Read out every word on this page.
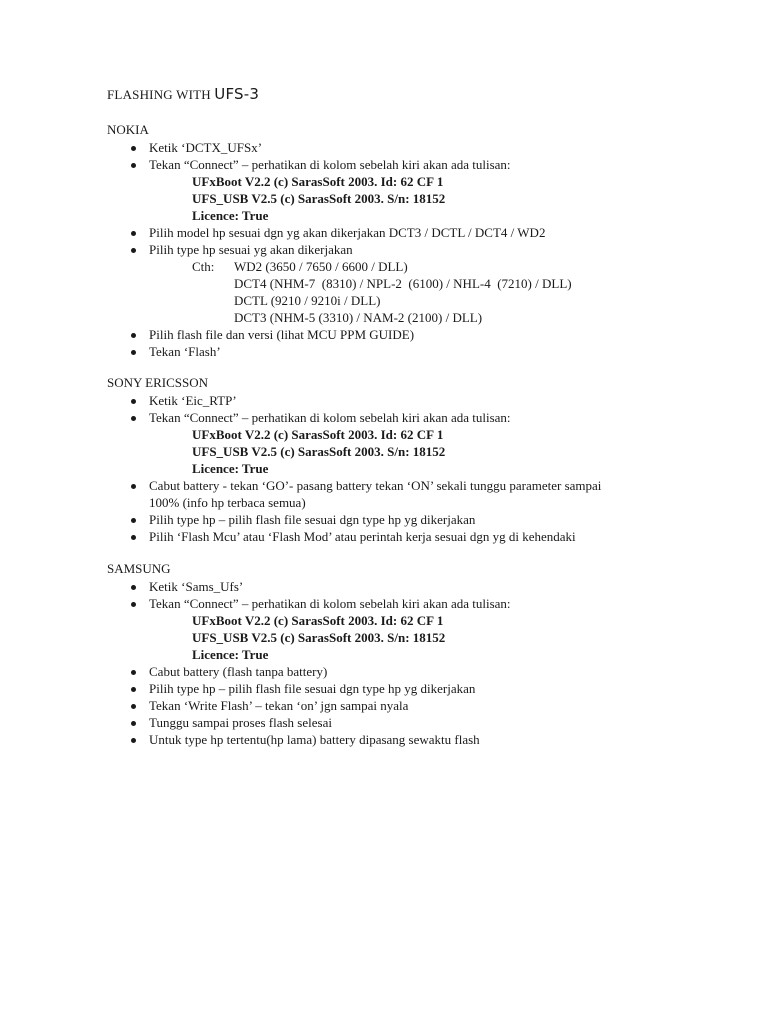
FLASHING WITH UFS-3
NOKIA
Ketik ‘DCTX_UFSx’
Tekan “Connect” – perhatikan di kolom sebelah kiri akan ada tulisan:
UFxBoot V2.2 (c) SarasSoft 2003. Id: 62 CF 1
UFS_USB V2.5 (c) SarasSoft 2003. S/n: 18152
Licence: True
Pilih model hp sesuai dgn yg akan dikerjakan DCT3 / DCTL / DCT4 / WD2
Pilih type hp sesuai yg akan dikerjakan
Cth:	WD2 (3650 / 7650 / 6600 / DLL)
DCT4 (NHM-7  (8310) / NPL-2  (6100) / NHL-4  (7210) / DLL)
DCTL (9210 / 9210i / DLL)
DCT3 (NHM-5 (3310) / NAM-2 (2100) / DLL)
Pilih flash file dan versi (lihat MCU PPM GUIDE)
Tekan ‘Flash’
SONY ERICSSON
Ketik ‘Eic_RTP’
Tekan “Connect” – perhatikan di kolom sebelah kiri akan ada tulisan:
UFxBoot V2.2 (c) SarasSoft 2003. Id: 62 CF 1
UFS_USB V2.5 (c) SarasSoft 2003. S/n: 18152
Licence: True
Cabut battery - tekan ‘GO’- pasang battery tekan ‘ON’ sekali tunggu parameter sampai
100% (info hp terbaca semua)
Pilih type hp – pilih flash file sesuai dgn type hp yg dikerjakan
Pilih ‘Flash Mcu’ atau ‘Flash Mod’ atau perintah kerja sesuai dgn yg di kehendaki
SAMSUNG
Ketik ‘Sams_Ufs’
Tekan “Connect” – perhatikan di kolom sebelah kiri akan ada tulisan:
UFxBoot V2.2 (c) SarasSoft 2003. Id: 62 CF 1
UFS_USB V2.5 (c) SarasSoft 2003. S/n: 18152
Licence: True
Cabut battery (flash tanpa battery)
Pilih type hp – pilih flash file sesuai dgn type hp yg dikerjakan
Tekan ‘Write Flash’ – tekan ‘on’ jgn sampai nyala
Tunggu sampai proses flash selesai
Untuk type hp tertentu(hp lama) battery dipasang sewaktu flash
